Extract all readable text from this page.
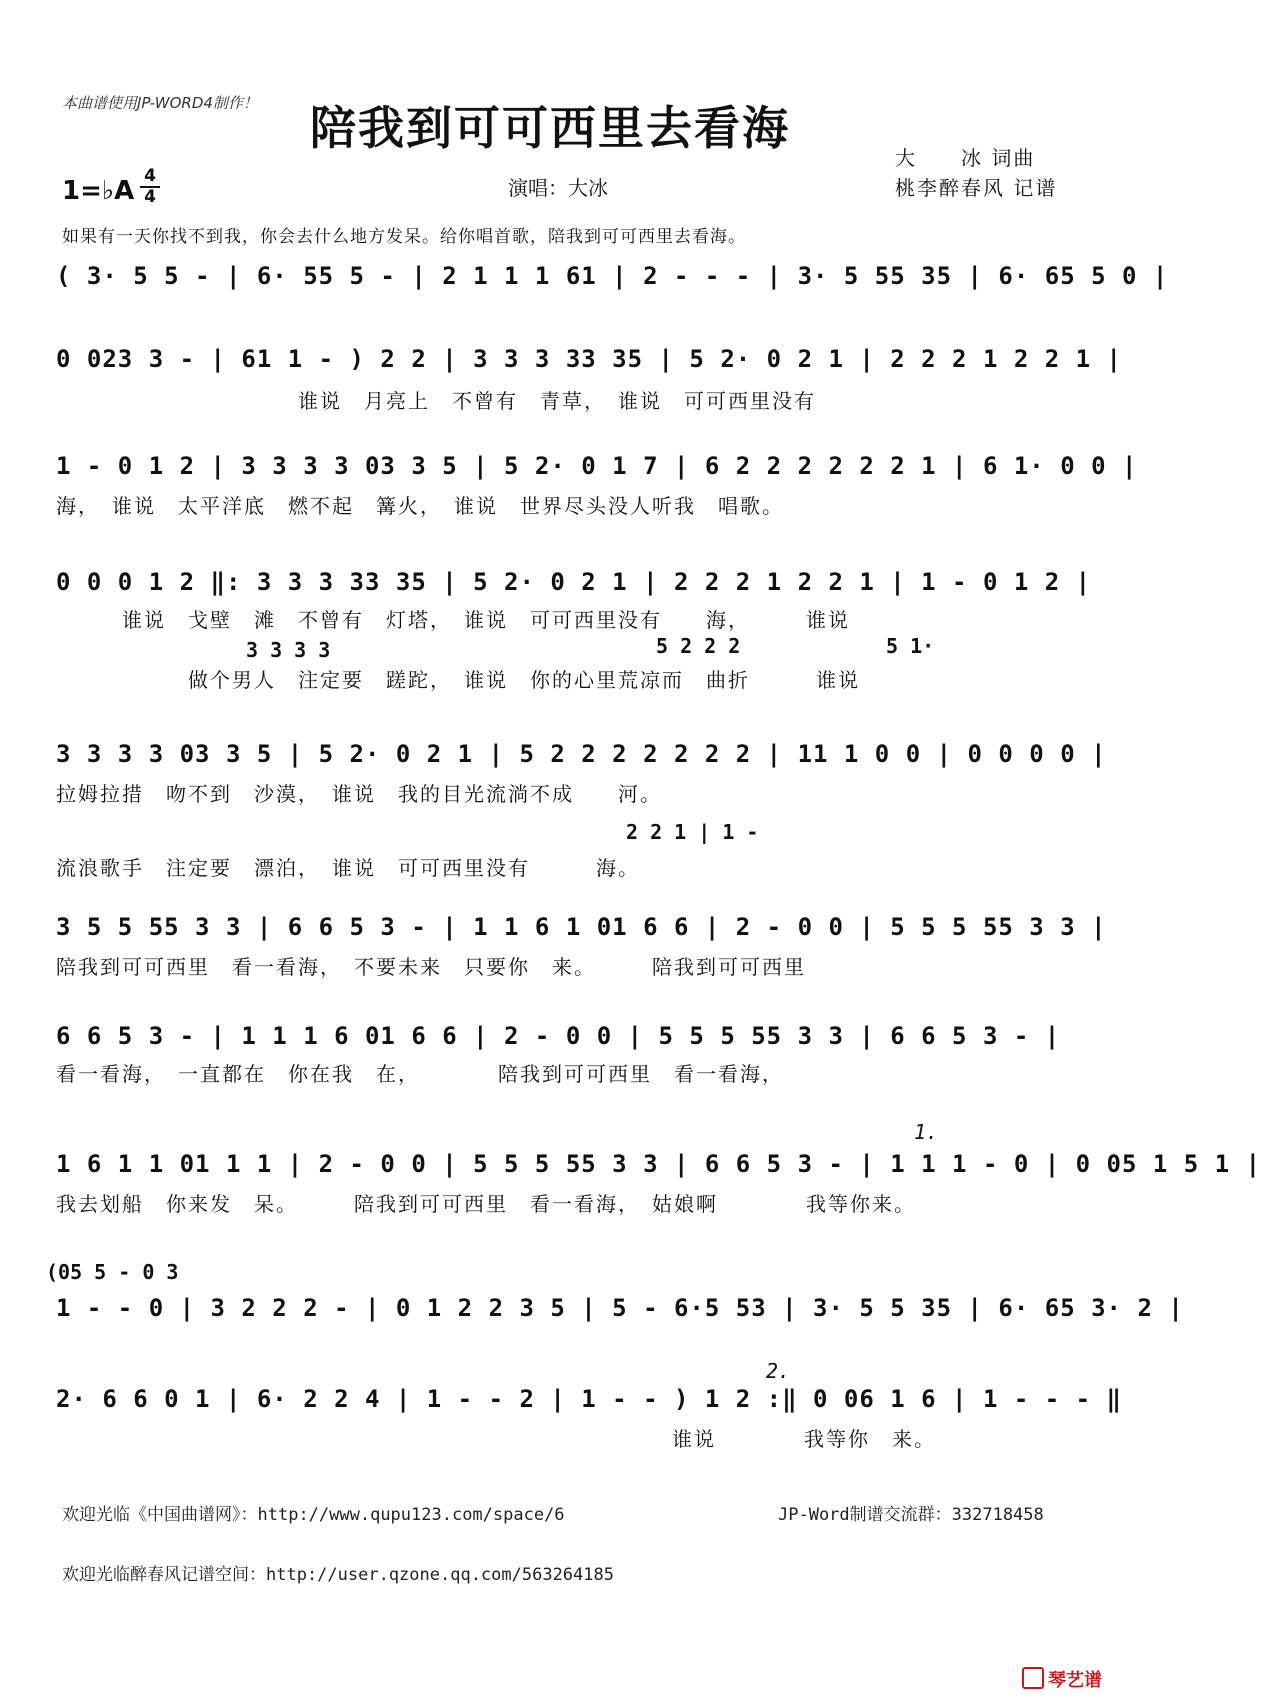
本曲谱使用JP-WORD4制作！ 陪我到可可西里去看海
1=♭A 4
4	演唱：大冰
大　　冰 词曲
桃李醉春风 记谱
如果有一天你找不到我，你会去什么地方发呆。给你唱首歌，陪我到可可西里去看海。
( 3· 5 5 - | 6· 55 5 - | 2 1 1 1 61 | 2 - - - | 3· 5 55 35 | 6· 65 5 0 |
0 023 3 - | 61 1 - ) 2 2 | 3 3 3 33 35 | 5 2· 0 2 1 | 2 2 2 1 2 2 1 |
　　　　　　　　　　　谁说　月亮上　不曾有　青草，　谁说　可可西里没有
1 - 0 1 2 | 3 3 3 3 03 3 5 | 5 2· 0 1 7 | 6 2 2 2 2 2 2 1 | 6 1· 0 0 |
海，　谁说　太平洋底　燃不起　篝火，　谁说　世界尽头没人听我　唱歌。
0 0 0 1 2 ‖: 3 3 3 33 35 | 5 2· 0 2 1 | 2 2 2 1 2 2 1 | 1 - 0 1 2 |
　　　谁说　戈壁　滩　不曾有　灯塔，　谁说　可可西里没有　　海，　　　谁说
3 3 3 3	5 2 2 2	5 1·
　　　　　　做个男人　注定要　蹉跎，　谁说　你的心里荒凉而　曲折　　　谁说
3 3 3 3 03 3 5 | 5 2· 0 2 1 | 5 2 2 2 2 2 2 2 | 11 1 0 0 | 0 0 0 0 |
拉姆拉措　吻不到　沙漠，　谁说　我的目光流淌不成　　河。
2 2 1 | 1 -
流浪歌手　注定要　漂泊，　谁说　可可西里没有　　　海。
3 5 5 55 3 3 | 6 6 5 3 - | 1 1 6 1 01 6 6 | 2 - 0 0 | 5 5 5 55 3 3 |
陪我到可可西里　看一看海，　不要未来　只要你　来。　　　陪我到可可西里
6 6 5 3 - | 1 1 1 6 01 6 6 | 2 - 0 0 | 5 5 5 55 3 3 | 6 6 5 3 - |
看一看海，　一直都在　你在我　在，　　　　陪我到可可西里　看一看海，
1.
1 6 1 1 01 1 1 | 2 - 0 0 | 5 5 5 55 3 3 | 6 6 5 3 - | 1 1 1 - 0 | 0 05 1 5 1 |
我去划船　你来发　呆。　　　陪我到可可西里　看一看海，　姑娘啊　　　　我等你来。
(05 5 - 0 3
1 - - 0 | 3 2 2 2 - | 0 1 2 2 3 5 | 5 - 6·5 53 | 3· 5 5 35 | 6· 65 3· 2 |
2.
2· 6 6 0 1 | 6· 2 2 4 | 1 - - 2 | 1 - - ) 1 2 :‖ 0 06 1 6 | 1 - - - ‖
　　　　　　　　　　　　　　　　　　　　　　　　　　　　谁说　　　　我等你　来。
欢迎光临《中国曲谱网》：http://www.qupu123.com/space/6	JP-Word制谱交流群：332718458
欢迎光临醉春风记谱空间：http://user.qzone.qq.com/563264185
琴艺谱
